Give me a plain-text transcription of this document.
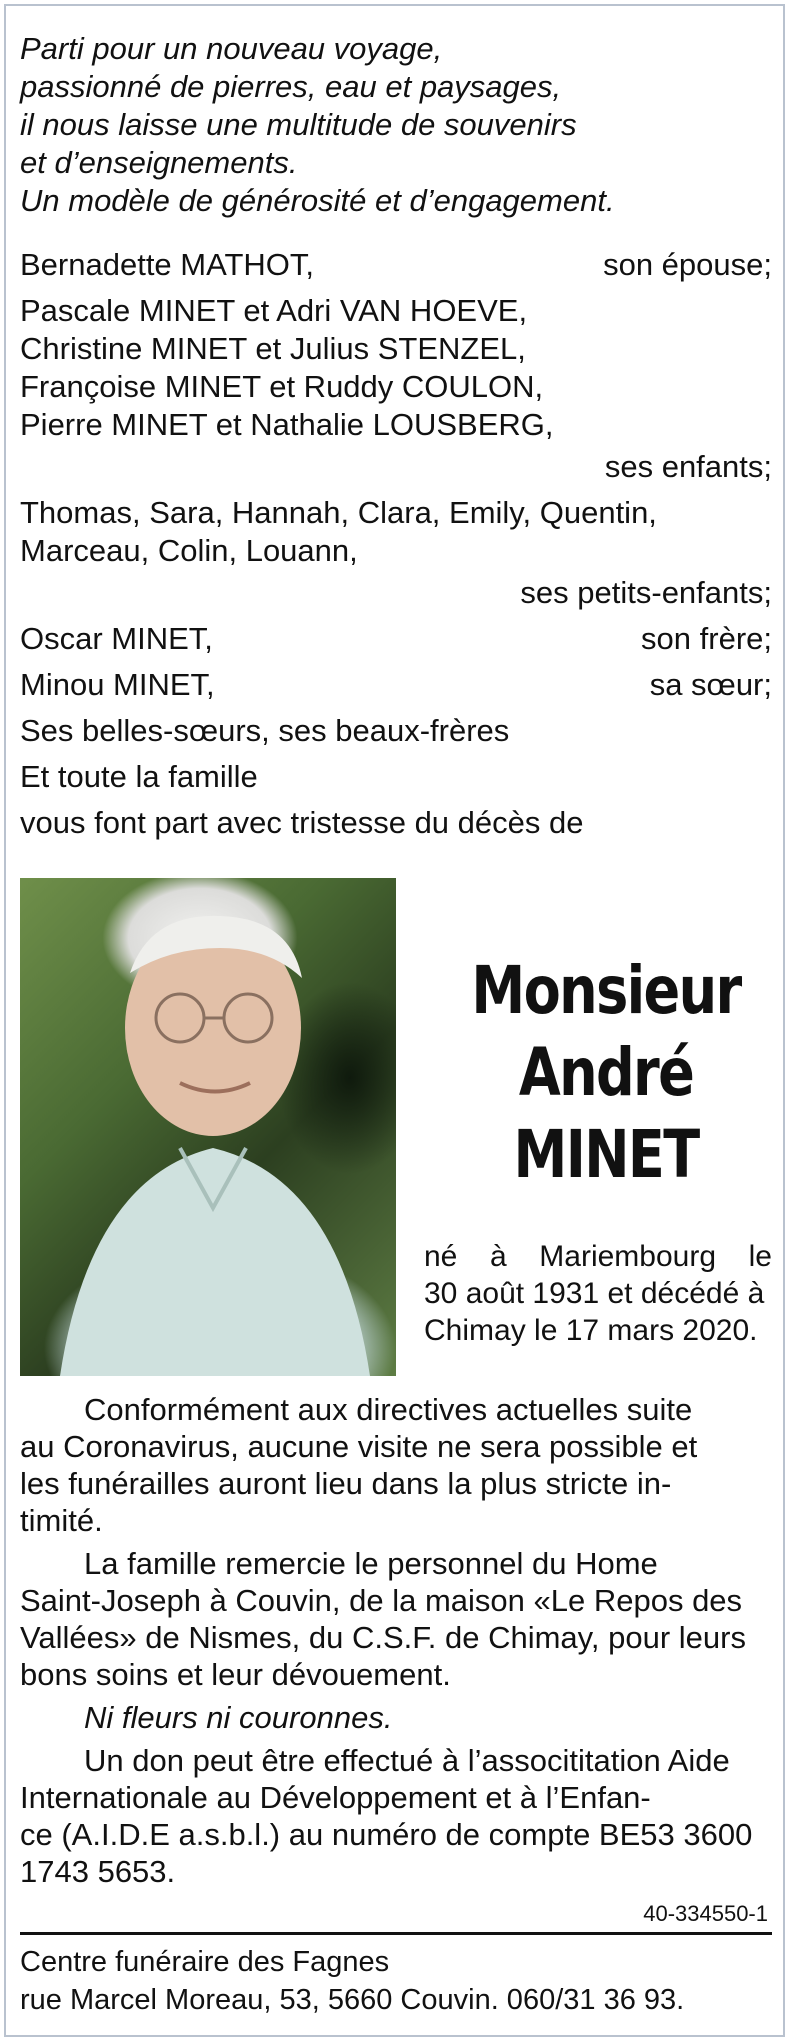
Parti pour un nouveau voyage,
passionné de pierres, eau et paysages,
il nous laisse une multitude de souvenirs
et d’enseignements.
Un modèle de générosité et d’engagement.
Bernadette MATHOT,	son épouse;
Pascale MINET et Adri VAN HOEVE,
Christine MINET et Julius STENZEL,
Françoise MINET et Ruddy COULON,
Pierre MINET et Nathalie LOUSBERG,
ses enfants;
Thomas, Sara, Hannah, Clara, Emily, Quentin,
Marceau, Colin, Louann,
ses petits-enfants;
Oscar MINET,	son frère;
Minou MINET,	sa sœur;
Ses belles-sœurs, ses beaux-frères
Et toute la famille
vous font part avec tristesse du décès de
Monsieur
André
MINET
né à Mariembourg le
30 août 1931 et décédé à
Chimay le 17 mars 2020.
Conformément aux directives actuelles suite
au Coronavirus, aucune visite ne sera possible et
les funérailles auront lieu dans la plus stricte in-
timité.
La famille remercie le personnel du Home
Saint-Joseph à Couvin, de la maison «Le Repos des
Vallées» de Nismes, du C.S.F. de Chimay, pour leurs
bons soins et leur dévouement.
Ni fleurs ni couronnes.
Un don peut être effectué à l’assocititation Aide
Internationale au Développement et à l’Enfan-
ce (A.I.D.E a.s.b.l.) au numéro de compte BE53 3600
1743 5653.
40-334550-1
Centre funéraire des Fagnes
rue Marcel Moreau, 53, 5660 Couvin. 060/31 36 93.
